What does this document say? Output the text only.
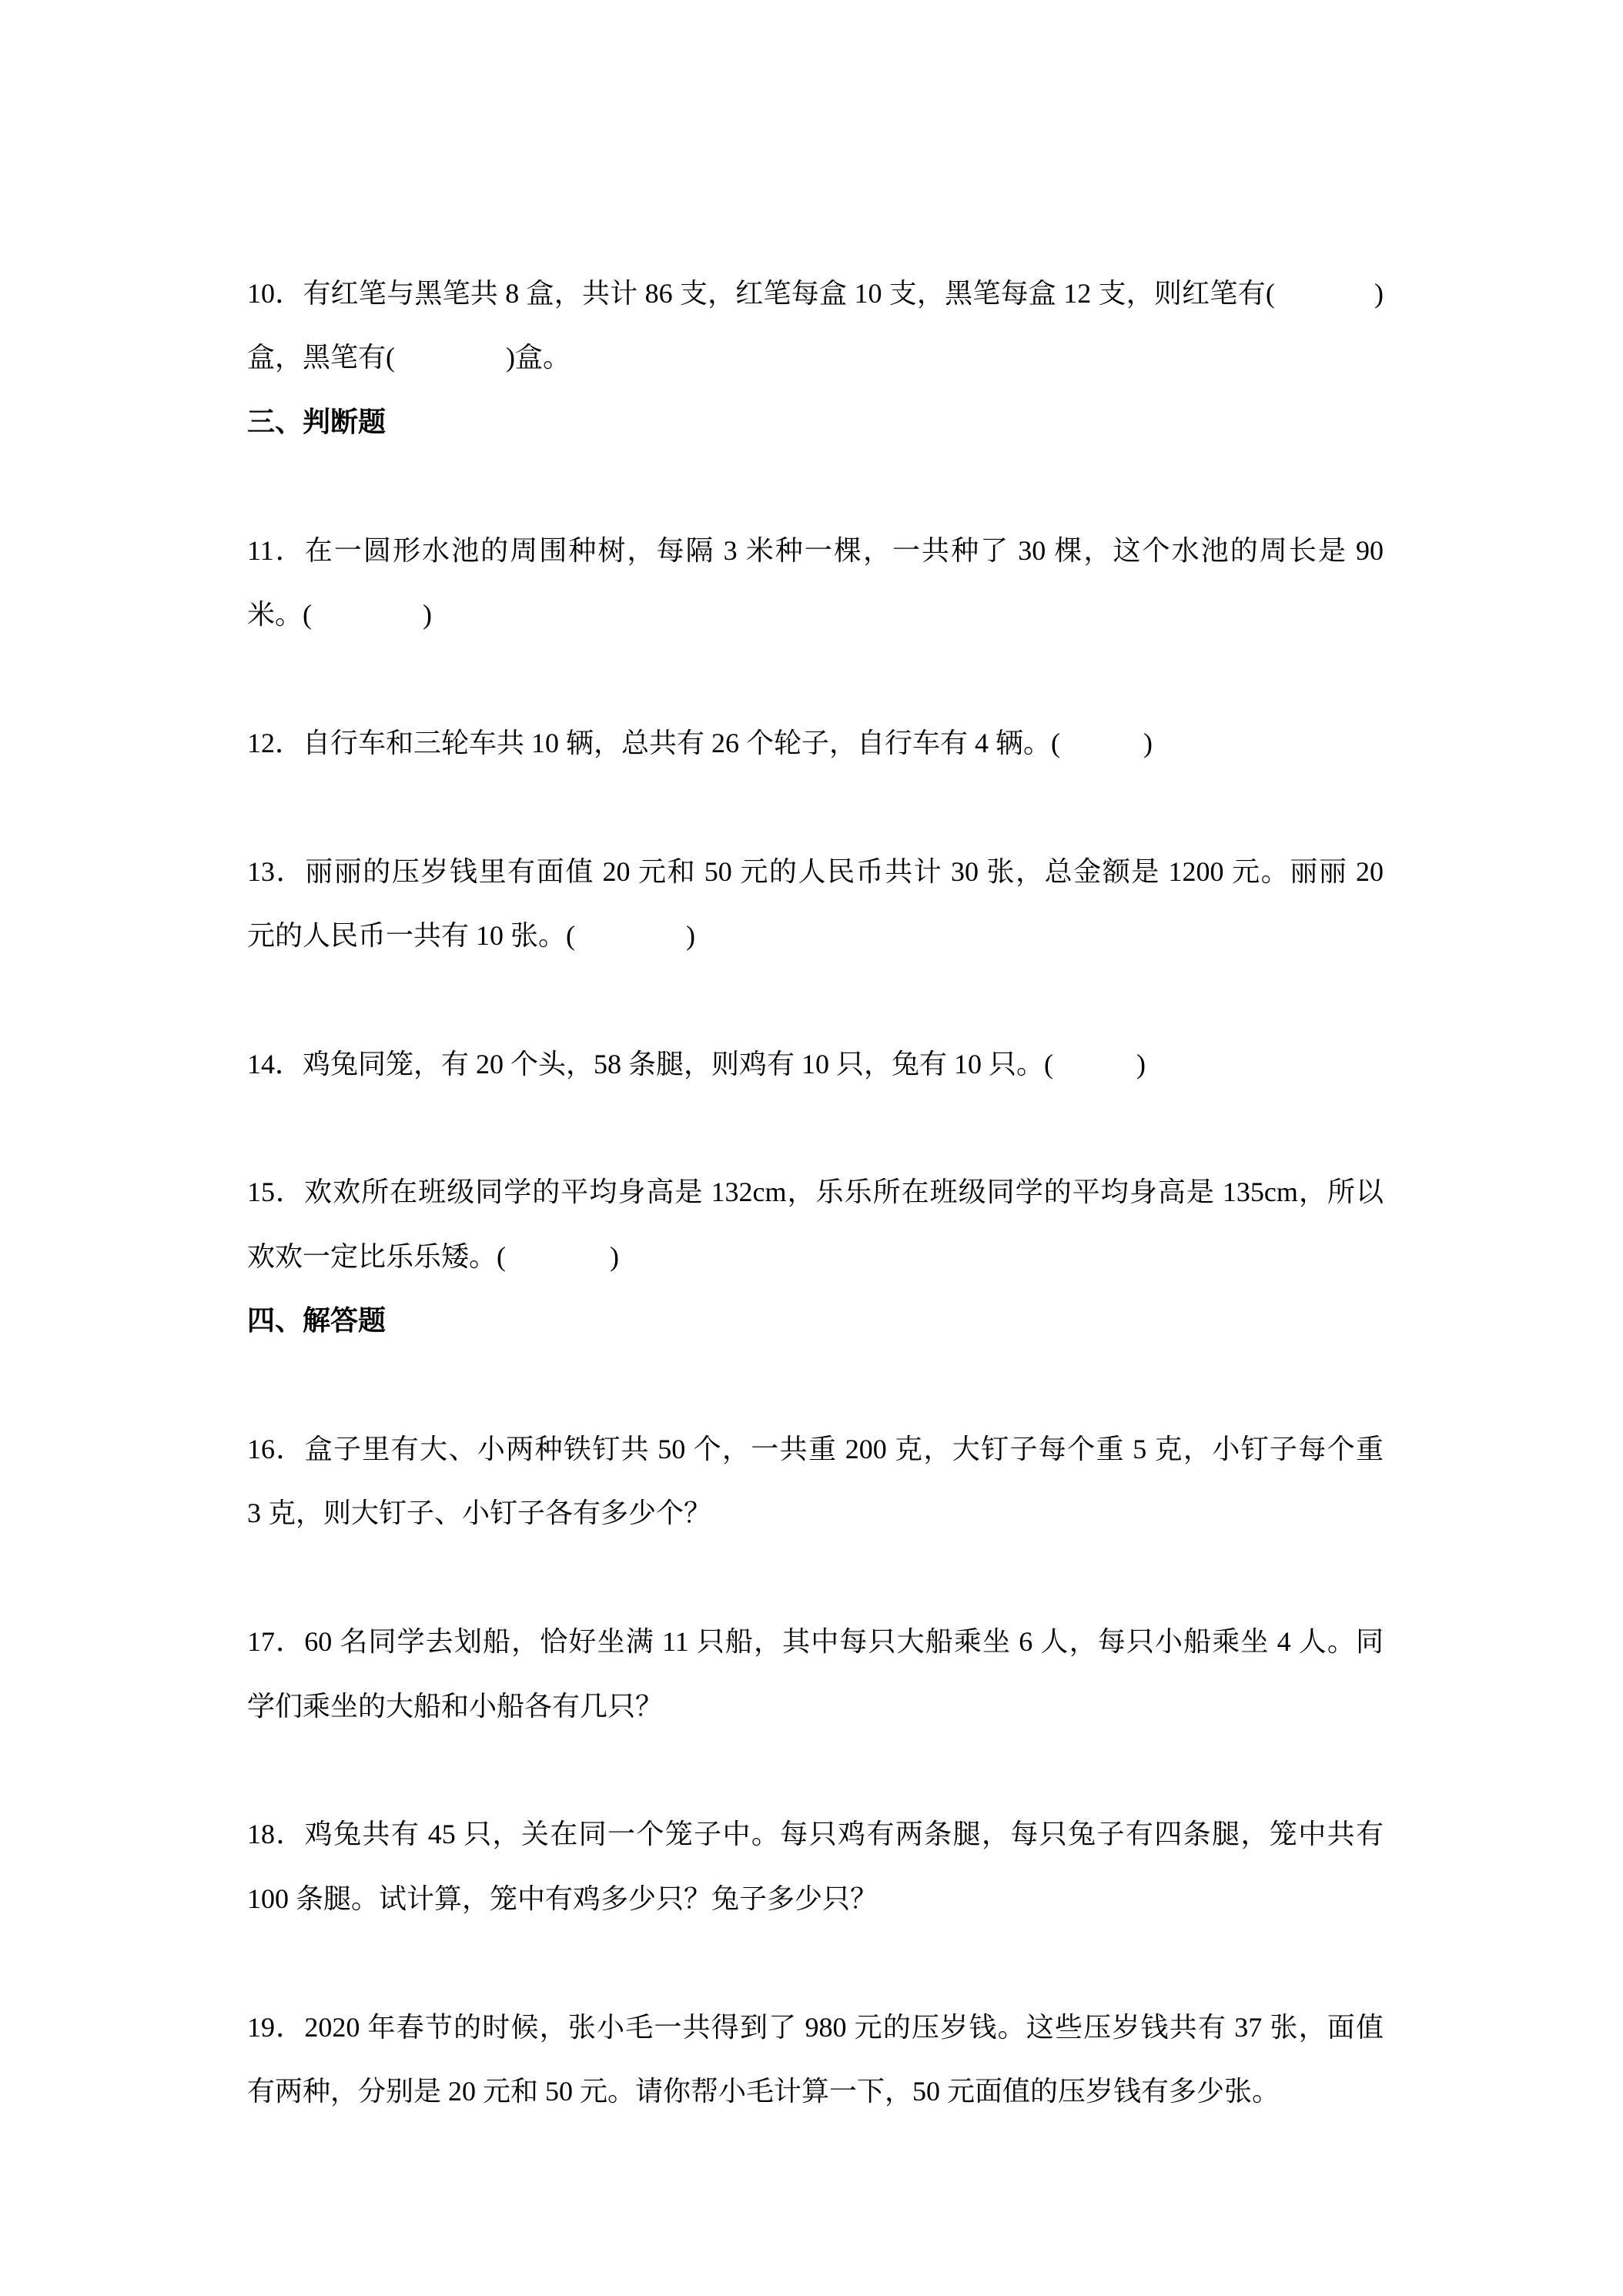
10．有红笔与黑笔共 8 盒，共计 86 支，红笔每盒 10 支，黑笔每盒 12 支，则红笔有(              )
盒，黑笔有(                )盒。
三、判断题
11．在一圆形水池的周围种树，每隔 3 米种一棵，一共种了 30 棵，这个水池的周长是 90
米。(                )
12．自行车和三轮车共 10 辆，总共有 26 个轮子，自行车有 4 辆。(            )
13．丽丽的压岁钱里有面值 20 元和 50 元的人民币共计 30 张，总金额是 1200 元。丽丽 20
元的人民币一共有 10 张。(                )
14．鸡兔同笼，有 20 个头，58 条腿，则鸡有 10 只，兔有 10 只。(            )
15．欢欢所在班级同学的平均身高是 132cm，乐乐所在班级同学的平均身高是 135cm，所以
欢欢一定比乐乐矮。(               )
四、解答题
16．盒子里有大、小两种铁钉共 50 个，一共重 200 克，大钉子每个重 5 克，小钉子每个重
3 克，则大钉子、小钉子各有多少个？
17．60 名同学去划船，恰好坐满 11 只船，其中每只大船乘坐 6 人，每只小船乘坐 4 人。同
学们乘坐的大船和小船各有几只？
18．鸡兔共有 45 只，关在同一个笼子中。每只鸡有两条腿，每只兔子有四条腿，笼中共有
100 条腿。试计算，笼中有鸡多少只？兔子多少只？
19．2020 年春节的时候，张小毛一共得到了 980 元的压岁钱。这些压岁钱共有 37 张，面值
有两种，分别是 20 元和 50 元。请你帮小毛计算一下，50 元面值的压岁钱有多少张。
